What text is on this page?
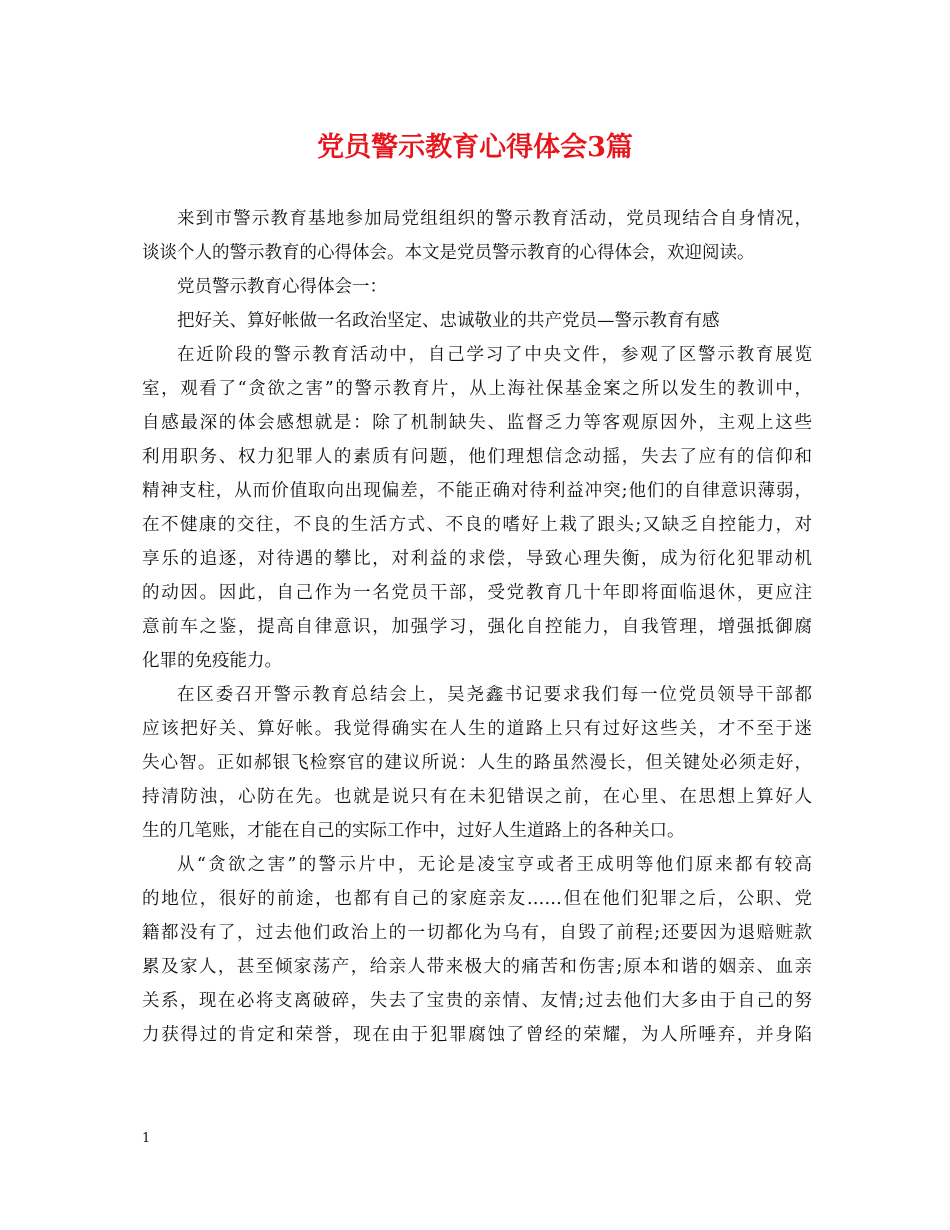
党员警示教育心得体会3篇
来到市警示教育基地参加局党组组织的警示教育活动，党员现结合自身情况，
谈谈个人的警示教育的心得体会。本文是党员警示教育的心得体会，欢迎阅读。
党员警示教育心得体会一：
把好关、算好帐做一名政治坚定、忠诚敬业的共产党员—警示教育有感
在近阶段的警示教育活动中，自己学习了中央文件，参观了区警示教育展览
室，观看了“贪欲之害”的警示教育片，从上海社保基金案之所以发生的教训中，
自感最深的体会感想就是：除了机制缺失、监督乏力等客观原因外，主观上这些
利用职务、权力犯罪人的素质有问题，他们理想信念动摇，失去了应有的信仰和
精神支柱，从而价值取向出现偏差，不能正确对待利益冲突;他们的自律意识薄弱，
在不健康的交往，不良的生活方式、不良的嗜好上栽了跟头;又缺乏自控能力，对
享乐的追逐，对待遇的攀比，对利益的求偿，导致心理失衡，成为衍化犯罪动机
的动因。因此，自己作为一名党员干部，受党教育几十年即将面临退休，更应注
意前车之鉴，提高自律意识，加强学习，强化自控能力，自我管理，增强抵御腐
化罪的免疫能力。
在区委召开警示教育总结会上，吴尧鑫书记要求我们每一位党员领导干部都
应该把好关、算好帐。我觉得确实在人生的道路上只有过好这些关，才不至于迷
失心智。正如郝银飞检察官的建议所说：人生的路虽然漫长，但关键处必须走好，
持清防浊，心防在先。也就是说只有在未犯错误之前，在心里、在思想上算好人
生的几笔账，才能在自己的实际工作中，过好人生道路上的各种关口。
从“贪欲之害”的警示片中，无论是凌宝亨或者王成明等他们原来都有较高
的地位，很好的前途，也都有自己的家庭亲友……但在他们犯罪之后，公职、党
籍都没有了，过去他们政治上的一切都化为乌有，自毁了前程;还要因为退赔赃款
累及家人，甚至倾家荡产，给亲人带来极大的痛苦和伤害;原本和谐的姻亲、血亲
关系，现在必将支离破碎，失去了宝贵的亲情、友情;过去他们大多由于自己的努
力获得过的肯定和荣誉，现在由于犯罪腐蚀了曾经的荣耀，为人所唾弃，并身陷
1
